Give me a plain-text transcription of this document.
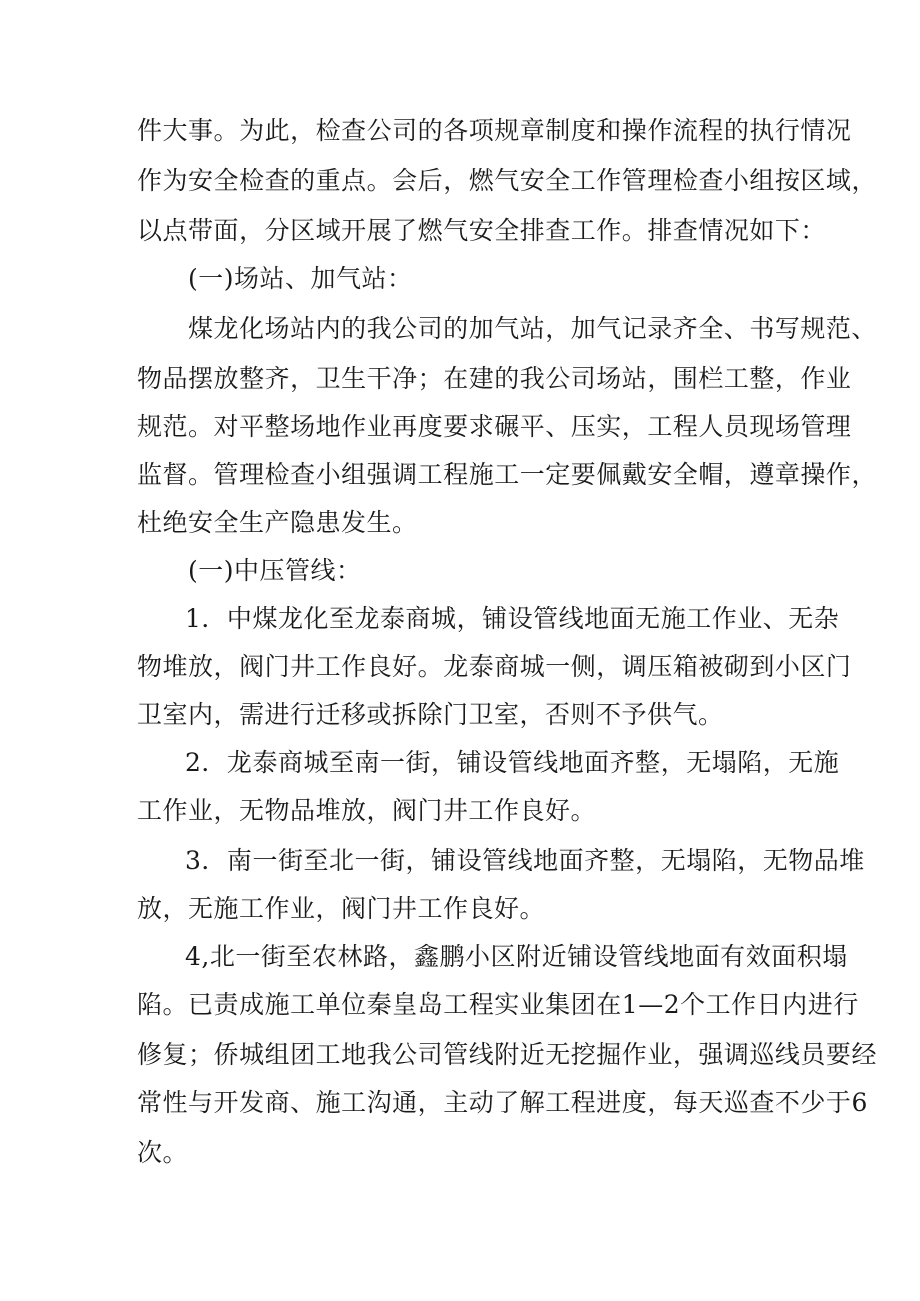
件 大 事 。 为 此 ， 检 查 公 司 的 各 项 规 章 制 度 和 操 作 流 程 的 执 行 情 况
作 为 安 全 检 查 的 重 点 。 会 后 ， 燃 气 安 全 工 作 管 理 检 查 小 组 按 区 域 ，
以 点 带 面 ， 分 区 域 开 展 了 燃 气 安 全 排 查 工 作 。 排 查 情 况 如 下 ：
(一)场站、加气站：
煤 龙 化 场 站 内 的 我 公 司 的 加 气 站 ， 加 气 记 录 齐 全 、 书 写 规 范 、
物 品 摆 放 整 齐 ， 卫 生 干 净 ； 在 建 的 我 公 司 场 站 ， 围 栏 工 整 ， 作 业
规 范 。 对 平 整 场 地 作 业 再 度 要 求 碾 平 、 压 实 ， 工 程 人 员 现 场 管 理
监 督 。 管 理 检 查 小 组 强 调 工 程 施 工 一 定 要 佩 戴 安 全 帽 ， 遵 章 操 作 ，
杜绝安全生产隐患发生。
(一)中压管线：
1 ． 中 煤 龙 化 至 龙 泰 商 城 ， 铺 设 管 线 地 面 无 施 工 作 业 、 无 杂
物 堆 放 ， 阀 门 井 工 作 良 好 。 龙 泰 商 城 一 侧 ， 调 压 箱 被 砌 到 小 区 门
卫室内，需进行迁移或拆除门卫室，否则不予供气。
2 ． 龙 泰 商 城 至 南 一 街 ， 铺 设 管 线 地 面 齐 整 ， 无 塌 陷 ， 无 施
工作业，无物品堆放，阀门井工作良好。
3 ． 南 一 街 至 北 一 街 ， 铺 设 管 线 地 面 齐 整 ， 无 塌 陷 ， 无 物 品 堆
放，无施工作业，阀门井工作良好。
4 , 北 一 街 至 农 林 路 ， 鑫 鹏 小 区 附 近 铺 设 管 线 地 面 有 效 面 积 塌
陷 。 已 责 成 施 工 单 位 秦 皇 岛 工 程 实 业 集 团 在 1 — 2 个 工 作 日 内 进 行
修 复 ； 侨 城 组 团 工 地 我 公 司 管 线 附 近 无 挖 掘 作 业 ， 强 调 巡 线 员 要 经
常 性 与 开 发 商 、 施 工 沟 通 ， 主 动 了 解 工 程 进 度 ， 每 天 巡 查 不 少 于 6
次。
